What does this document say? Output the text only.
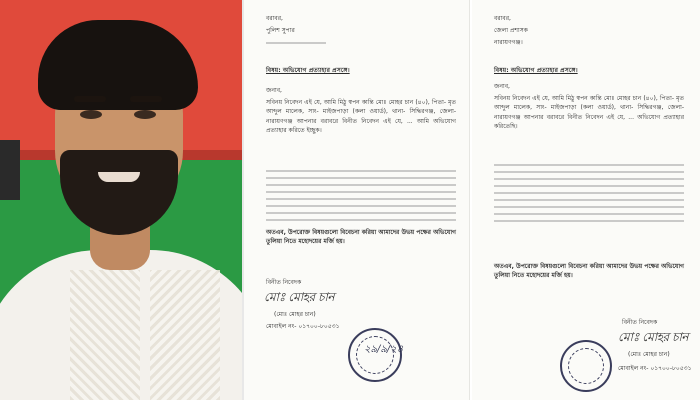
বরাবর,
পুলিশ সুপার
বিষয়: অভিযোগ প্রত্যাহার প্রসঙ্গে।
জনাব,
সবিনয় নিবেদন এই যে, আমি মিঠু স্বপন কান্তি মোঃ মোহর চান (৪০), পিতা- মৃত আব্দুল মালেক, সাং- মাইজপাড়া (কলা ওয়ার্ড), থানা- সিদ্ধিরগঞ্জ, জেলা- নারায়ণগঞ্জ আপনার বরাবরে বিনীত নিবেদন এই যে, ... আমি অভিযোগ প্রত্যাহার করিতে ইচ্ছুক।
অতএব, উপরোক্ত বিষয়গুলো বিবেচনা করিয়া আমাদের উভয় পক্ষের অভিযোগ তুলিয়া নিতে মহোদয়ের মর্জি হয়।
বিনীত নিবেদক
মোঃ মোহর চান
(মোঃ মোহর চান)
মোবাইল নং- ০১৭০০-৮০৫৩১
২৯/৯/২৪
বরাবর,
জেলা প্রশাসক
নারায়ণগঞ্জ।
বিষয়: অভিযোগ প্রত্যাহার প্রসঙ্গে।
জনাব,
সবিনয় নিবেদন এই যে, আমি মিঠু স্বপন কান্তি মোঃ মোহর চান (৪০), পিতা- মৃত আব্দুল মালেক, সাং- মাইজপাড়া (কলা ওয়ার্ড), থানা- সিদ্ধিরগঞ্জ, জেলা- নারায়ণগঞ্জ আপনার বরাবরে বিনীত নিবেদন এই যে, ... অভিযোগ প্রত্যাহার করিতেছি।
অতএব, উপরোক্ত বিষয়গুলো বিবেচনা করিয়া আমাদের উভয় পক্ষের অভিযোগ তুলিয়া নিতে মহোদয়ের মর্জি হয়।
বিনীত নিবেদক
মোঃ মোহর চান
(মোঃ মোহর চান)
মোবাইল নং- ০১৭০০-৮০৫৩১
